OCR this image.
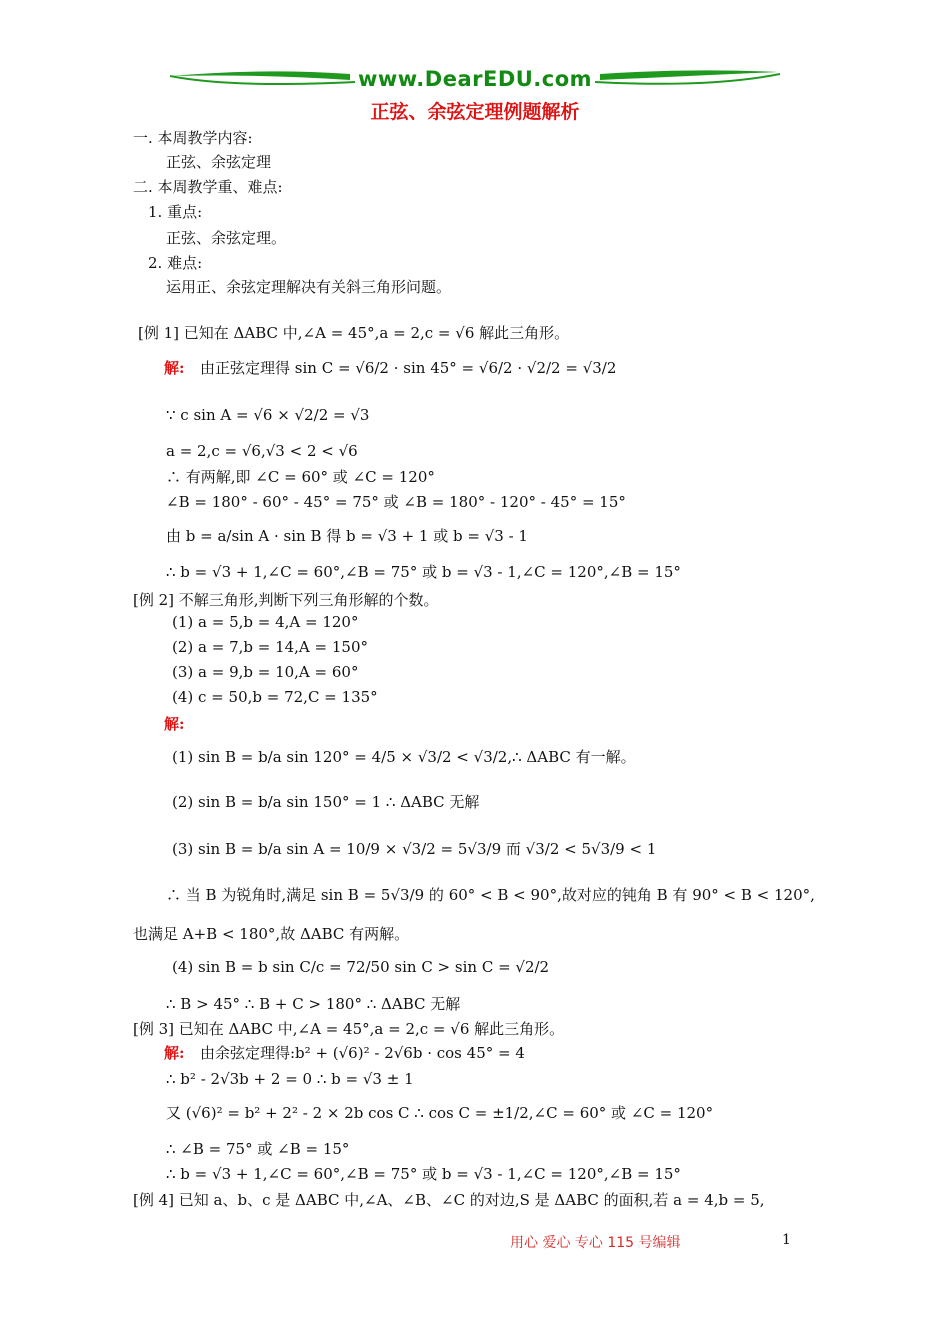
www.DearEDU.com
正弦、余弦定理例题解析
一. 本周教学内容:
正弦、余弦定理
二. 本周教学重、难点:
1. 重点:
正弦、余弦定理。
2. 难点:
运用正、余弦定理解决有关斜三角形问题。
[例 1] 已知在 ΔABC 中,∠A = 45°,a = 2,c = √6 解此三角形。
解: 由正弦定理得 sin C = √6/2 · sin 45° = √6/2 · √2/2 = √3/2
∵ c sin A = √6 × √2/2 = √3
a = 2,c = √6,√3 < 2 < √6
∴ 有两解,即 ∠C = 60° 或 ∠C = 120°
∠B = 180° - 60° - 45° = 75° 或 ∠B = 180° - 120° - 45° = 15°
由 b = a/sin A · sin B 得 b = √3 + 1 或 b = √3 - 1
∴ b = √3 + 1,∠C = 60°,∠B = 75° 或 b = √3 - 1,∠C = 120°,∠B = 15°
[例 2] 不解三角形,判断下列三角形解的个数。
(1) a = 5,b = 4,A = 120°
(2) a = 7,b = 14,A = 150°
(3) a = 9,b = 10,A = 60°
(4) c = 50,b = 72,C = 135°
解:
(1) sin B = b/a sin 120° = 4/5 × √3/2 < √3/2,∴ ΔABC 有一解。
(2) sin B = b/a sin 150° = 1 ∴ ΔABC 无解
(3) sin B = b/a sin A = 10/9 × √3/2 = 5√3/9 而 √3/2 < 5√3/9 < 1
∴ 当 B 为锐角时,满足 sin B = 5√3/9 的 60° < B < 90°,故对应的钝角 B 有 90° < B < 120°,
也满足 A+B < 180°,故 ΔABC 有两解。
(4) sin B = b sin C/c = 72/50 sin C > sin C = √2/2
∴ B > 45° ∴ B + C > 180° ∴ ΔABC 无解
[例 3] 已知在 ΔABC 中,∠A = 45°,a = 2,c = √6 解此三角形。
解: 由余弦定理得:b² + (√6)² - 2√6b · cos 45° = 4
∴ b² - 2√3b + 2 = 0 ∴ b = √3 ± 1
又 (√6)² = b² + 2² - 2 × 2b cos C ∴ cos C = ±1/2,∠C = 60° 或 ∠C = 120°
∴ ∠B = 75° 或 ∠B = 15°
∴ b = √3 + 1,∠C = 60°,∠B = 75° 或 b = √3 - 1,∠C = 120°,∠B = 15°
[例 4] 已知 a、b、c 是 ΔABC 中,∠A、∠B、∠C 的对边,S 是 ΔABC 的面积,若 a = 4,b = 5,
用心 爱心 专心 115 号编辑	1
